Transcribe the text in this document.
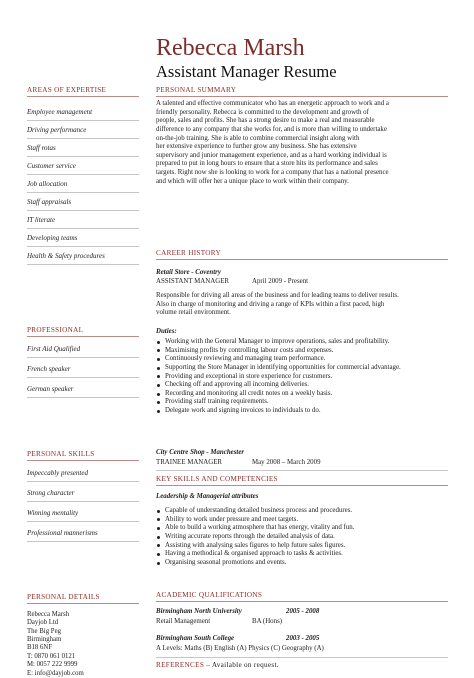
Rebecca Marsh
Assistant Manager Resume
AREAS OF EXPERTISE
Employee management
Driving performance
Staff rotas
Customer service
Job allocation
Staff appraisals
IT literate
Developing teams
Health & Safety procedures
PROFESSIONAL
First Aid Qualified
French speaker
German speaker
PERSONAL SKILLS
Impeccably presented
Strong character
Winning mentality
Professional mannerisms
PERSONAL DETAILS
Rebecca Marsh
Dayjob Ltd
The Big Peg
Birmingham
B18 6NF
T: 0870 061 0121
M: 0057 222 9999
E: info@dayjob.com
PERSONAL SUMMARY
A talented and effective communicator who has an energetic approach to work and a
friendly personality. Rebecca is committed to the development and growth of
people, sales and profits. She has a strong desire to make a real and measurable
difference to any company that she works for, and is more than willing to undertake
on-the-job training. She is able to combine commercial insight along with
her extensive experience to further grow any business. She has extensive
supervisory and junior management experience, and as a hard working individual is
prepared to put in long hours to ensure that a store hits its performance and sales
targets. Right now she is looking to work for a company that has a national presence
and which will offer her a unique place to work within their company.
CAREER HISTORY
Retail Store - Coventry
ASSISTANT MANAGER	April 2009 - Present
Responsible for driving all areas of the business and for leading teams to deliver results.
Also in charge of monitoring and driving a range of KPIs within a first paced, high
volume retail environment.
Duties:
Working with the General Manager to improve operations, sales and profitability.
Maximising profits by controlling labour costs and expenses.
Continuously reviewing and managing team performance.
Supporting the Store Manager in identifying opportunities for commercial advantage.
Providing and exceptional in store experience for customers.
Checking off and approving all incoming deliveries.
Recording and monitoring all credit notes on a weekly basis.
Providing staff training requirements.
Delegate work and signing invoices to individuals to do.
City Centre Shop - Manchester
TRAINEE MANAGER	May 2008 – March 2009
KEY SKILLS AND COMPETENCIES
Leadership & Managerial attributes
Capable of understanding detailed business process and procedures.
Ability to work under pressure and meet targets.
Able to build a working atmosphere that has energy, vitality and fun.
Writing accurate reports through the detailed analysis of data.
Assisting with analysing sales figures to help future sales figures.
Having a methodical & organised approach to tasks & activities.
Organising seasonal promotions and events.
ACADEMIC QUALIFICATIONS
Birmingham North University	2005 - 2008
Retail Management	BA (Hons)
Birmingham South College	2003 - 2005
A Levels: Maths (B) English (A) Physics (C) Geography (A)
REFERENCES – Available on request.
